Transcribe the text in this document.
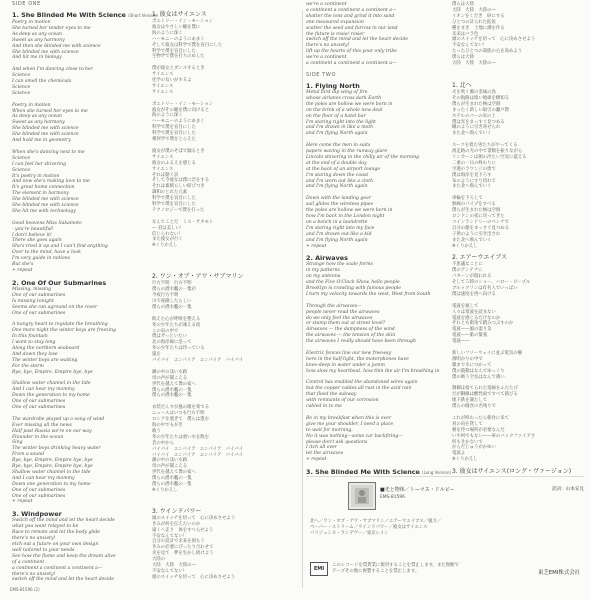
SIDE ONE
1. She Blinded Me With Science (Short Version)
Poetry in motion
She turned her tender eyes to me
As deep as any ocean
Sweet as any harmony
And then she blinded me with science
She blinded me with science
And hit me in biology
And when I'm dancing close to her
Science
I can smell the chemicals
Science
Science
Poetry in motion
When she turned her eyes to me
As deep as any ocean
Sweet as any harmony
She blinded me with science
She blinded me with science
And hold me in geometry
When she's dancing next to me
Science
I can feel her shivering
Science
It's poetry in motion
And now she's making love to me
It's great home connection
The element in harmony
She blinded me with science
She blinded me with science
She hit me with technology
Good heavens Miss Sakamoto
- you're beautiful!
I don't believe it!
There she goes again
She's tried it up and I can't find anything
Over to the mind, have a look
I'm very guide in notions
But she's
+ repeat
2. One Of Our Submarines
Missing, missing
One of our submarines
Is missing tonight
Seems she ran aground on the rover
One of our submarines
A hungry heart to regulate the breathing
One more night the winter boys are freezing
In this fountain
I want to stay long
Along the northern seaboard
And down they lose
The winter boys are waiting
For the storm
Bye, bye, Empire, Empire bye, bye
Shallow water channel in the tide
And I can hear my mommy
Down the generation to my home
One of our submarines
One of our submarines
The wardrobe played up a song of wind
Ever missing all the news
Half past Russia we're on our way
Flounder in the ocean
Sing
The winter boys drinking heavy water
From a sound
Bye, bye, Empire, Empire bye, bye
Bye, bye, Empire, Empire bye, bye
Shallow water channel in the tide
And I can hear my mommy
Down one generation to my home
One of our submarines
One of our submarines
+ repeat
3. Windpower
Switch off the mind and let the heart decide
what you want relayed to be
Race to remote and let the body glide
there's no anxiety!
etch out a future on your own design
well tailored to your needs
See how the flame and keep the dream alive
of a continent
a continent a continent a continent a—
there's no anxiety!
switch off the mind and let the heart decide
1. 彼女はサイエンス
ポエトリー・イン・モーション
彼女はやさしい瞳を僕に
海のように深く
ハーモニーのようにあまく
そして彼女は科学で僕を盲目にした
科学で僕を盲目にした
生物学で僕を打ちのめした
僕が彼女とダンスするとき
サイエンス
化学の匂いがするよ
サイエンス
サイエンス
ポエトリー・イン・モーション
彼女がその瞳を僕に向けると
海のように深く
ハーモニーのようにあまく
科学で僕を盲目にした
科学で僕を盲目にした
幾何学で僕をとらえた
彼女が僕のそばで踊るとき
サイエンス
彼女のふるえを感じる
サイエンス
それは動く詩
そして今彼女は僕に恋をする
それは素晴らしい結びつき
調和のとれた元素
科学で僕を盲目にした
科学で僕を盲目にした
テクノロジーで僕を打った
なんてことだ　ミス・サカモト
— 君は美しい！
信じられない！
また彼女が行く
※くりかえし
2. ワン・オブ・アワ・サブマリン
行方不明　行方不明
僕らの潜水艦の一隻が
今夜行方不明
川で座礁したらしい
僕らの潜水艦の一隻
飢えた心が呼吸を整える
冬の少年たちが凍える夜
この泉の中で
僕はずっといたい
北の海岸線に沿って
冬の少年たちは待っている
嵐を
バイバイ　エンパイア　エンパイア　バイバイ
潮の中の浅い水路
母の声が聞こえる
世代を越えて僕の家へ
僕らの潜水艦の一隻
僕らの潜水艦の一隻
衣装だんすが風の歌を奏でる
ニュースはいつも行方不明
ロシアを過ぎて　僕らは進む
海の中でもがき
歌う
冬の少年たちは重い水を飲む
音の中から
バイバイ　エンパイア　エンパイア　バイバイ
バイバイ　エンパイア　エンパイア　バイバイ
潮の中の浅い水路
母の声が聞こえる
世代を越えて僕の家へ
僕らの潜水艦の一隻
僕らの潜水艦の一隻
※くりかえし
3. ウインドパワー
頭のスイッチを切って　心に決めさせよう
きみが何を伝えたいのか
遠くへ走り　体をすべらせよう
不安なんてない！
自分の設計で未来を刻もう
きみの必要にぴったり合わせて
炎を見て　夢を生かし続けよう
大陸の
大陸　大陸　大陸の—
不安なんてない！
頭のスイッチを切って　心に決めさせよう
we're a continent
a continent a continent a continent a—
shatter the ions and grind it into sand
one measured expansion
scatter the seed and furrow in our land
the future is rosie/ rosier
switch off the mind and let the heart decide
there's no anxiety!
lift up the hearts of this your only tribe
we're a continent
a continent a continent a continent a—
SIDE TWO
1. Flying North
Metal bird dip wing of fire
whose airlanes cross dark Earth
the poles are hollow we were born in
on the brink of a whole new deal
on the floor of a hotel bar
I'm staring right into the light
and I'm drawn in like a moth
and I'm flying North again
Here come the men in suits
papers waving in the runway glare
Lincoln shivering in the chilly air of the morning
at the end of a double day
at the back of an airport lounge
I'm staring down the coast
and I'm worn out like a cloth
and I'm flying North again
Down with the landing gear
sail glides the wireless pipes
the poles are hollow we were born in
how I'm back in the London night
on a bench in a laundrette
I'm staring right into my face
and I'm drawn out like a kid
and I'm flying North again
+ repeat
2. Airwaves
Strange how the scale forms
in my patterns
on my antenna
and the Five O'Clock Show, hello people
Brooklyn is crawling with famous people
I turn my velocity towards the west, West from South
Through the airwaves—
people never read the airwaves
do we only feel the airwaves
or stamp them out at street level?
Airwaves — the dampness of the wind
the airwaves — the tension of the skin
the airwaves I really should have been through
Electric fences line our new freeway
here in the half-light, the motorphones have
knee-deep in water under a jumm
how slow my heartbeat, how thin the air I'm breathing in
Control has enabled the abandoned wires again
but the copper cables all rust in the acid rain
that flood the subway
with remnants of our corrosion
cabled in to me
Be in my breakfast when this is over
give me your shoulder, I need a place
to wait for morning,
No it was nothing—some car backfiring—
please don't ask questions
I itch all over
let the airwaves
+ repeat
3. She Blinded Me With Science (Long Version)
僕らは大陸
大陸　大陸　大陸の—
イオンをくだき　砂にする
ひとつの計られた拡張
種をまき　土地に溝を作る
未来はバラ色
頭のスイッチを切って　心に決めさせよう
不安なんてない！
たったひとつの部族の心を高めよう
僕らは大陸
大陸　大陸　大陸の—
1. 北へ
火を吹く翼の金属の鳥
その航路は暗い地球を横切る
僕らが生まれた極は空洞
まったく新しい取引の瀬戸際
ホテルのバーの床の上
僕は光をまっすぐ見つめる
蛾のように引き寄せられ
また北へ飛んでいく
スーツを着た男たちがやってくる
滑走路の光の中で書類を振りながら
リンカーンは朝の冷たい空気に震える
二重の一日の終わりに
空港のラウンジの奥で
僕は海岸を見下ろす
布のようにすり切れて
また北へ飛んでいく
車輪を下ろして
無線のパイプをすべる
僕らが生まれた極は空洞
ロンドンの夜に戻ってきた
コインランドリーのベンチで
自分の顔をまっすぐ見つめる
子供のように引き出され
また北へ飛んでいく
※くりかえし
2. エアーウエイブス
不思議なことに
僕のアンテナに
パターンが現われる
そして５時のショー、ハロー・ピープル
ブルックリンは有名人でいっぱい
僕は速度を西へ向ける
電波を通して
人々は電波を読まない
電波を感じるだけなのか
それとも街角で踏みつぶすのか
電波——風の湿り気
電波——肌の緊張
電波——
新しいフリーウェイに並ぶ電気の柵
薄明かりの中で
膝まで水につかって
僕の鼓動はなんてゆっくり
僕の吸う空気はなんて薄い
制御は捨てられた電線をふたたび
だが銅線は酸性雨ですべて錆びる
地下鉄を満たして
僕らの腐食の名残りで
これが終わったら朝食に来て
君の肩を貸して
朝を待つ場所が必要なんだ
いや何でもない——車のバックファイアさ
何もきかないで
からだじゅうがかゆい
電波よ
※くりかえし
3. 彼女はサイエンス(ロング・ヴァージョン)
訳詞：山本安見
■光と物体／トーマス・ドルビー
EMS-81596
北へ／ワン・オブ・アワ・サブマリン／エアーウエイブス／風力／
ペーパー・ストリーム／ウインドパワー／彼女はサイエンス
パリジェンヌ・ランデヴー／東京レイン
EMI
このレコードを賃貸業に使用することを禁止します。また無断で
テープその他に複製することを禁止します。	東芝EMI株式会社
EMS-81596 (2)
